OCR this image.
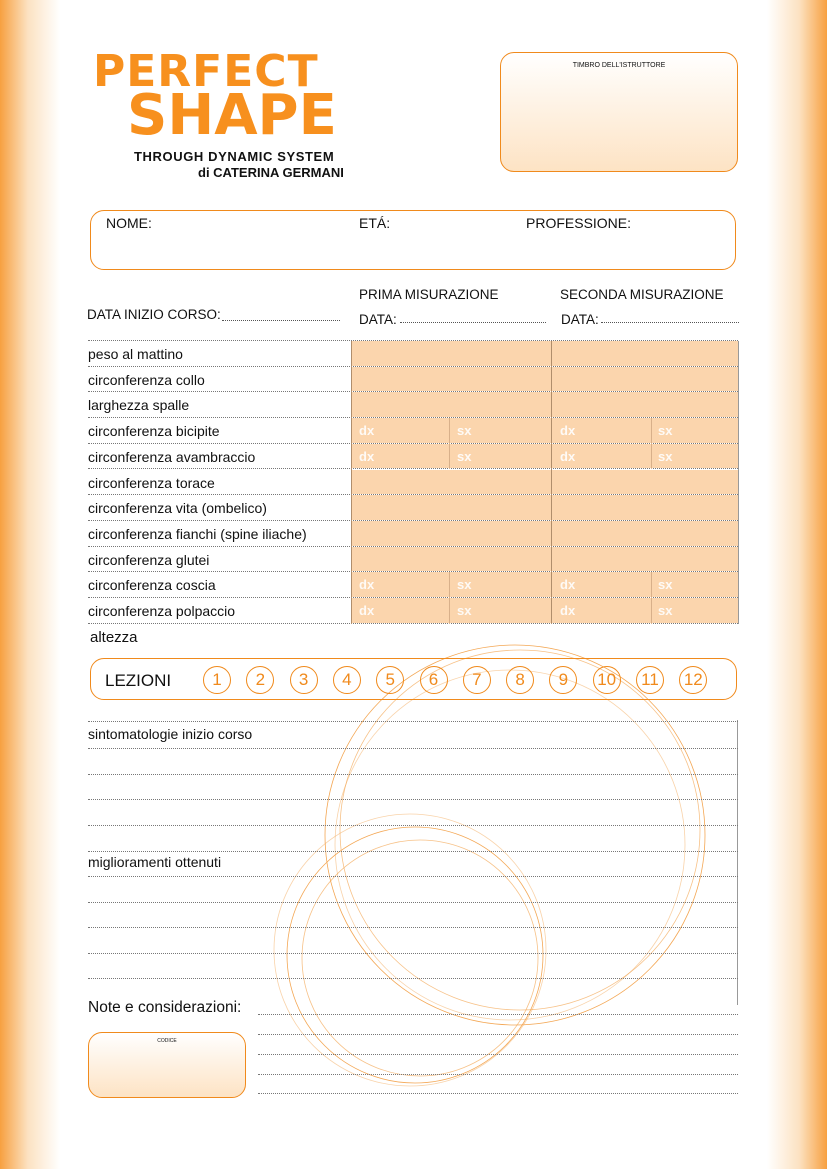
PERFECT
SHAPE
THROUGH DYNAMIC SYSTEM
di CATERINA GERMANI
TIMBRO DELL'ISTRUTTORE
NOME:	ETÁ:	PROFESSIONE:
DATA INIZIO CORSO:
PRIMA MISURAZIONE
DATA:
SECONDA MISURAZIONE
DATA:
peso al mattino
circonferenza collo
larghezza spalle
circonferenza bicipite	dx	sx	dx	sx
circonferenza avambraccio	dx	sx	dx	sx
circonferenza torace
circonferenza vita (ombelico)
circonferenza fianchi (spine iliache)
circonferenza glutei
circonferenza coscia	dx	sx	dx	sx
circonferenza polpaccio	dx	sx	dx	sx
altezza
LEZIONI	1	2	3	4	5	6	7	8	9	10	11	12
sintomatologie inizio corso
miglioramenti ottenuti
Note e considerazioni:
CODICE
